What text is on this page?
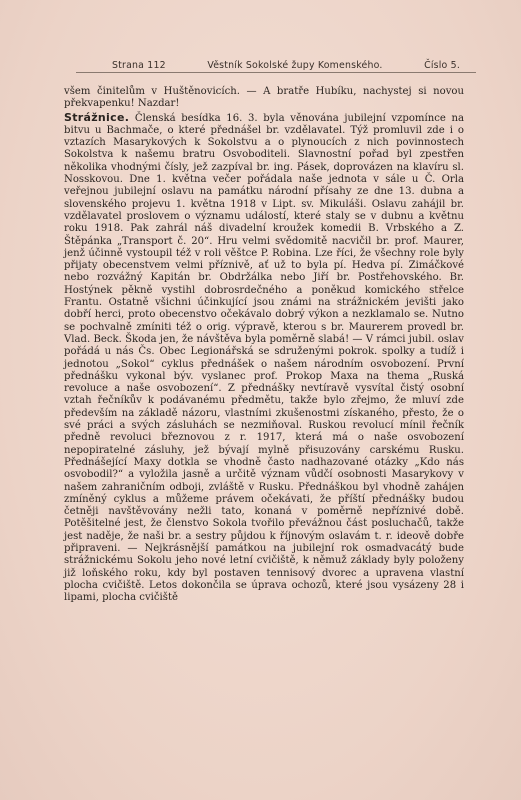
Strana 112	Věstník Sokolské župy Komenského.	Číslo 5.

všem činitelům v Huštěnovicích. — A bratře Hubíku, nachystej si novou překvapenku! Nazdar!

Strážnice. Členská besídka 16. 3. byla věnována jubilejní vzpomínce na bitvu u Bachmače, o které přednášel br. vzdělavatel. Týž promluvil zde i o vztazích Masarykových k Sokolstvu a o plynoucích z nich povinnostech Sokolstva k našemu bratru Osvoboditeli. Slavnostní pořad byl zpestřen několika vhodnými čísly, jež zazpíval br. ing. Pásek, doprovázen na klavíru sl. Nosskovou. Dne 1. května večer pořádala naše jednota v sále u Č. Orla veřejnou jubilejní oslavu na památku národní přísahy ze dne 13. dubna a slovenského projevu 1. května 1918 v Lipt. sv. Mikuláši. Oslavu zahájil br. vzdělavatel proslovem o významu událostí, které staly se v dubnu a květnu roku 1918. Pak zahrál náš divadelní kroužek komedii B. Vrbského a Z. Štěpánka „Transport č. 20“. Hru velmi svědomitě nacvičil br. prof. Maurer, jenž účinně vystoupil též v roli věštce P. Robina. Lze říci, že všechny role byly přijaty obecenstvem velmi příznivě, ať už to byla pí. Hedva pí. Zimáčkové nebo rozvážný Kapitán br. Obdržálka nebo Jiří br. Postřehovského. Br. Hostýnek pěkně vystihl dobrosrdečného a poněkud komického střelce Frantu. Ostatně všichni účinkující jsou známi na strážnickém jevišti jako dobří herci, proto obecenstvo očekávalo dobrý výkon a nezklamalo se. Nutno se pochvalně zmíniti též o orig. výpravě, kterou s br. Maurerem provedl br. Vlad. Beck. Škoda jen, že návštěva byla poměrně slabá! — V rámci jubil. oslav pořádá u nás Čs. Obec Legionářská se sdruženými pokrok. spolky a tudíž i jednotou „Sokol“ cyklus přednášek o našem národním osvobození. První přednášku vykonal býv. vyslanec prof. Prokop Maxa na thema „Ruská revoluce a naše osvobození“. Z přednášky nevtíravě vysvítal čistý osobní vztah řečníkův k podávanému předmětu, takže bylo zřejmo, že mluví zde především na základě názoru, vlastními zkušenostmi získaného, přesto, že o své práci a svých zásluhách se nezmiňoval. Ruskou revolucí mínil řečník předně revoluci březnovou z r. 1917, která má o naše osvobození nepopiratelné zásluhy, jež bývají mylně přisuzovány carskému Rusku. Přednášející Maxy dotkla se vhodně často nadhazované otázky „Kdo nás osvobodil?“ a vyložila jasně a určitě význam vůdčí osobnosti Masarykovy v našem zahraničním odboji, zvláště v Rusku. Přednáškou byl vhodně zahájen zmíněný cyklus a můžeme právem očekávati, že příští přednášky budou četněji navštěvovány nežli tato, konaná v poměrně nepříznivé době. Potěšitelné jest, že členstvo Sokola tvořilo převážnou část posluchačů, takže jest naděje, že naši br. a sestry půjdou k říjnovým oslavám t. r. ideově dobře připraveni. — Nejkrásnější památkou na jubilejní rok osmadvacátý bude strážnickému Sokolu jeho nové letní cvičiště, k němuž základy byly položeny již loňského roku, kdy byl postaven tennisový dvorec a upravena vlastní plocha cvičiště. Letos dokončila se úprava ochozů, které jsou vysázeny 28 i lipami, plocha cvičiště
